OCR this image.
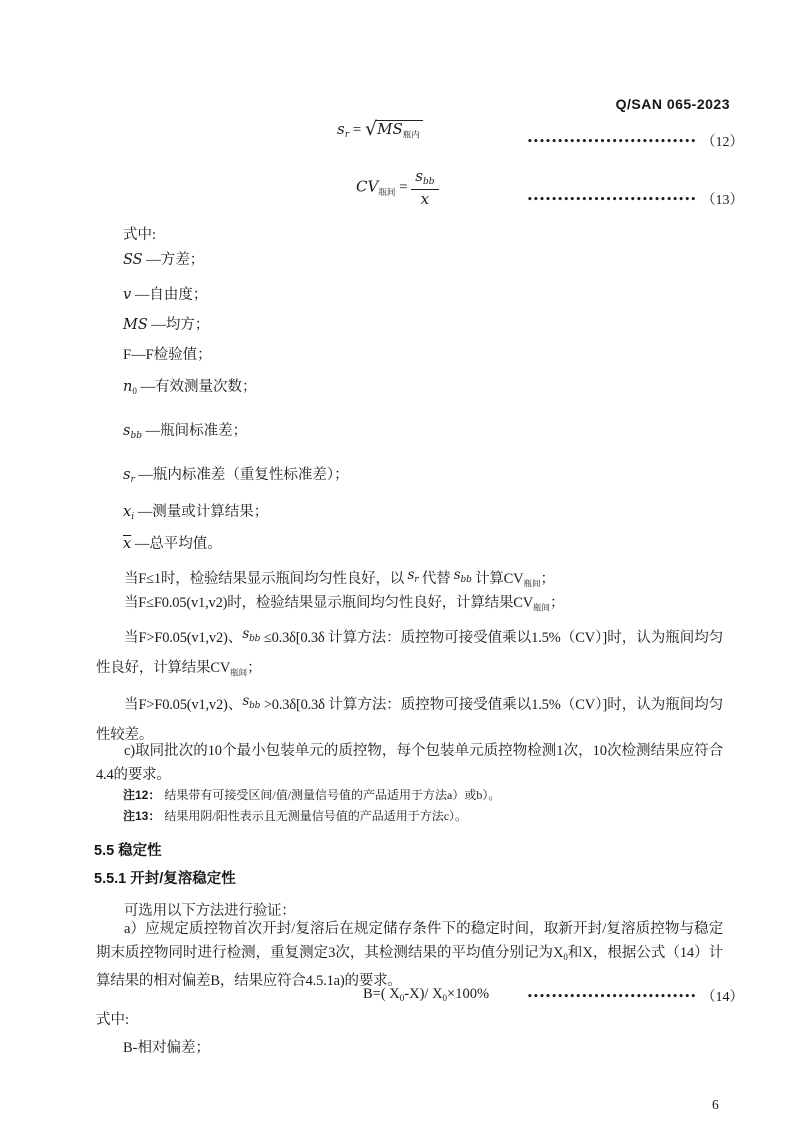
Q/SAN 065-2023
$s_r = √MS_{瓶内}$
•••••••••••••••••••••••••••• （12）
$CV_{瓶间} = \frac{s_{bb}}{x}$	•••••••••••••••••••••••••••• （13）
式中:
SS —方差；
v —自由度；
MS —均方；
F—F检验值；
$n_0$ —有效测量次数；
$s_{bb}$ —瓶间标准差；
$s_r$ —瓶内标准差（重复性标准差）；
$x_i$ —测量或计算结果；
$\overline{x}$ —总平均值。
当F≤1时，检验结果显示瓶间均匀性良好，以 sr 代替 sbb 计算$CV_{瓶间}$；
当F≤F0.05(v1,v2)时，检验结果显示瓶间均匀性良好，计算结果$CV_{瓶间}$；
当F>F0.05(v1,v2)、sbb ≤0.3δ[0.3δ 计算方法：质控物可接受值乘以1.5%（CV）]时，认为瓶间均匀性良好，计算结果$CV_{瓶间}$；
当F>F0.05(v1,v2)、sbb >0.3δ[0.3δ 计算方法：质控物可接受值乘以1.5%（CV）]时，认为瓶间均匀性较差。
c)取同批次的10个最小包装单元的质控物，每个包装单元质控物检测1次，10次检测结果应符合4.4的要求。
注12： 结果带有可接受区间/值/测量信号值的产品适用于方法a）或b）。
注13： 结果用阴/阳性表示且无测量信号值的产品适用于方法c）。
5.5 稳定性
5.5.1 开封/复溶稳定性
可选用以下方法进行验证：
a）应规定质控物首次开封/复溶后在规定储存条件下的稳定时间，取新开封/复溶质控物与稳定期末质控物同时进行检测，重复测定3次，其检测结果的平均值分别记为$X_0$和X，根据公式（14）计算结果的相对偏差B，结果应符合4.5.1a)的要求。
B=( $X_0-X)/$ $X_0\times 100\%$	•••••••••••••••••••••••••••• （14）
式中:
B-相对偏差；
6
